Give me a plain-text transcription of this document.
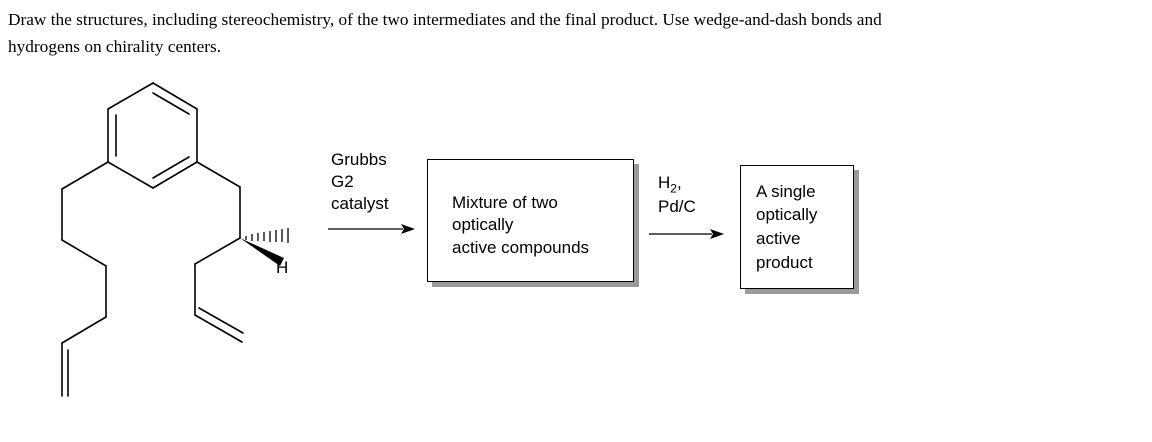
Draw the structures, including stereochemistry, of the two intermediates and the final product. Use wedge-and-dash bonds and
hydrogens on chirality centers.
H
Grubbs
G2
catalyst	Mixture of two
optically
active compounds
$H_2$,
Pd/C
A single
optically
active
product
